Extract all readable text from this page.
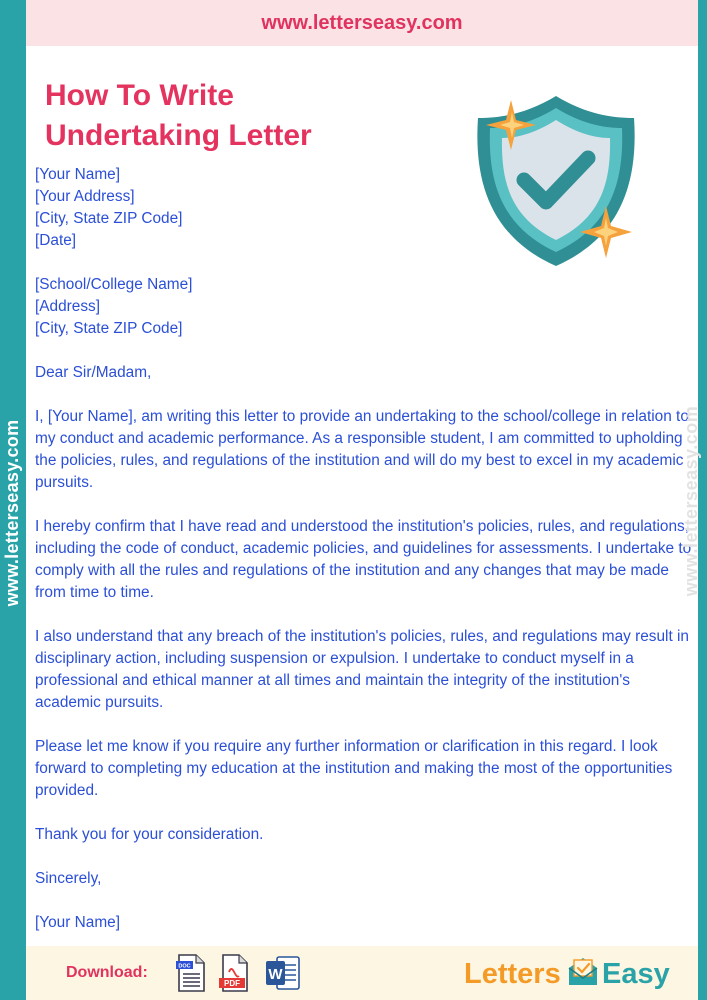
www.letterseasy.com
www.letterseasy.com
How To Write
Undertaking Letter

[Your Name]

[Your Address]

[City, State ZIP Code]

[Date]

[School/College Name]

[Address]

[City, State ZIP Code]

Dear Sir/Madam,

I, [Your Name], am writing this letter to provide an undertaking to the school/college in relation to my conduct and academic performance. As a responsible student, I am committed to upholding the policies, rules, and regulations of the institution and will do my best to excel in my academic pursuits.

I hereby confirm that I have read and understood the institution's policies, rules, and regulations, including the code of conduct, academic policies, and guidelines for assessments. I undertake to comply with all the rules and regulations of the institution and any changes that may be made from time to time.

I also understand that any breach of the institution's policies, rules, and regulations may result in disciplinary action, including suspension or expulsion. I undertake to conduct myself in a professional and ethical manner at all times and maintain the integrity of the institution's academic pursuits.

Please let me know if you require any further information or clarification in this regard. I look forward to completing my education at the institution and making the most of the opportunities provided.

Thank you for your consideration.

Sincerely,

[Your Name]

www.letterseasy.com
Download:	DOC
PDF
W	Letters Easy
